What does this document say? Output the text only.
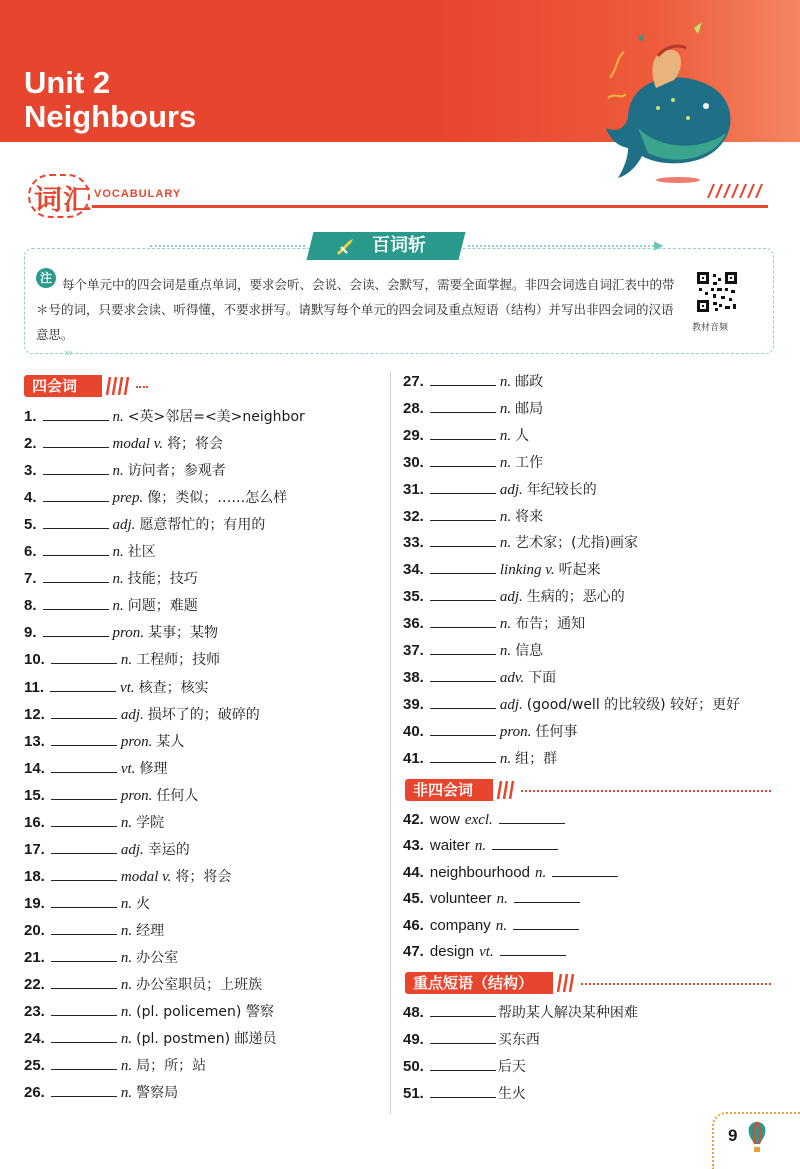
Unit 2
Neighbours
词汇 VOCABULARY
▶
百词斩
注 每个单元中的四会词是重点单词，要求会听、会说、会读、会默写，需要全面掌握。非四会词选自词汇表中的带＊号的词，只要求会读、听得懂，不要求拼写。请默写每个单元的四会词及重点短语（结构）并写出非四会词的汉语意思。	教材音频
›››
四会词
1.	n. <英>邻居=<美>neighbor
2.	modal v. 将；将会
3.	n. 访问者；参观者
4.	prep. 像；类似；……怎么样
5.	adj. 愿意帮忙的；有用的
6.	n. 社区
7.	n. 技能；技巧
8.	n. 问题；难题
9.	pron. 某事；某物
10.	n. 工程师；技师
11.	vt. 核查；核实
12.	adj. 损坏了的；破碎的
13.	pron. 某人
14.	vt. 修理
15.	pron. 任何人
16.	n. 学院
17.	adj. 幸运的
18.	modal v. 将；将会
19.	n. 火
20.	n. 经理
21.	n. 办公室
22.	n. 办公室职员；上班族
23.	n. (pl. policemen) 警察
24.	n. (pl. postmen) 邮递员
25.	n. 局；所；站
26.	n. 警察局
27.	n. 邮政
28.	n. 邮局
29.	n. 人
30.	n. 工作
31.	adj. 年纪较长的
32.	n. 将来
33.	n. 艺术家；(尤指)画家
34.	linking v. 听起来
35.	adj. 生病的；恶心的
36.	n. 布告；通知
37.	n. 信息
38.	adv. 下面
39.	adj. (good/well 的比较级) 较好；更好
40.	pron. 任何事
41.	n. 组；群
非四会词
重点短语（结构）
42. wow excl.
43. waiter n.
44. neighbourhood n.
45. volunteer n.
46. company n.
47. design vt.
48.	帮助某人解决某种困难
49.	买东西
50.	后天
51.	生火
9
